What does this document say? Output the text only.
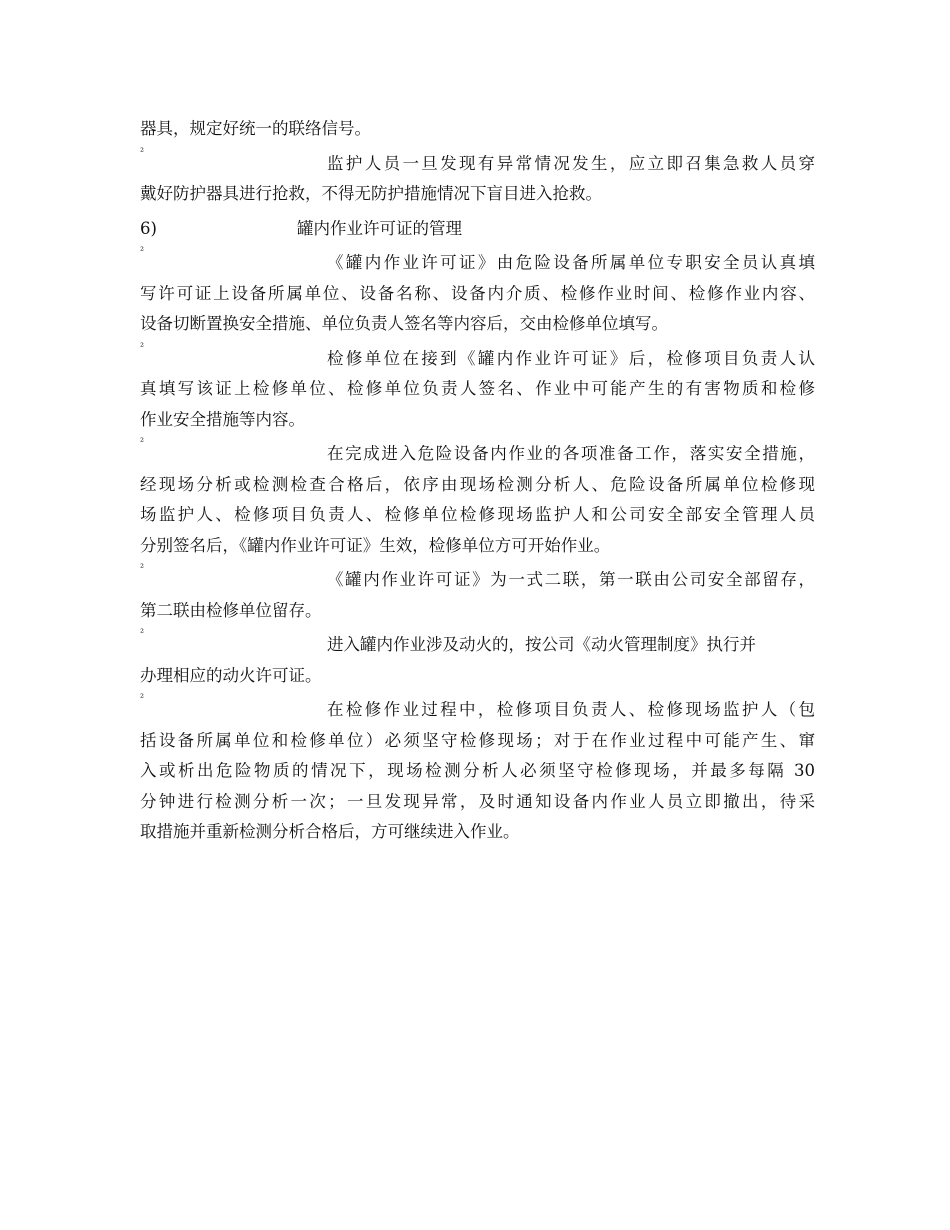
器具，规定好统一的联络信号。
²
监护人员一旦发现有异常情况发生，应立即召集急救人员穿
戴好防护器具进行抢救，不得无防护措施情况下盲目进入抢救。
6)	罐内作业许可证的管理
²
《罐内作业许可证》由危险设备所属单位专职安全员认真填
写许可证上设备所属单位、设备名称、设备内介质、检修作业时间、检修作业内容、
设备切断置换安全措施、单位负责人签名等内容后，交由检修单位填写。
²
检修单位在接到《罐内作业许可证》后，检修项目负责人认
真填写该证上检修单位、检修单位负责人签名、作业中可能产生的有害物质和检修
作业安全措施等内容。
²
在完成进入危险设备内作业的各项准备工作，落实安全措施，
经现场分析或检测检查合格后，依序由现场检测分析人、危险设备所属单位检修现
场监护人、检修项目负责人、检修单位检修现场监护人和公司安全部安全管理人员
分别签名后，《罐内作业许可证》生效，检修单位方可开始作业。
²
《罐内作业许可证》为一式二联，第一联由公司安全部留存，
第二联由检修单位留存。
²
进入罐内作业涉及动火的，按公司《动火管理制度》执行并
办理相应的动火许可证。
²
在检修作业过程中，检修项目负责人、检修现场监护人（包
括设备所属单位和检修单位）必须坚守检修现场；对于在作业过程中可能产生、窜
入或析出危险物质的情况下，现场检测分析人必须坚守检修现场，并最多每隔 30
分钟进行检测分析一次；一旦发现异常，及时通知设备内作业人员立即撤出，待采
取措施并重新检测分析合格后，方可继续进入作业。
